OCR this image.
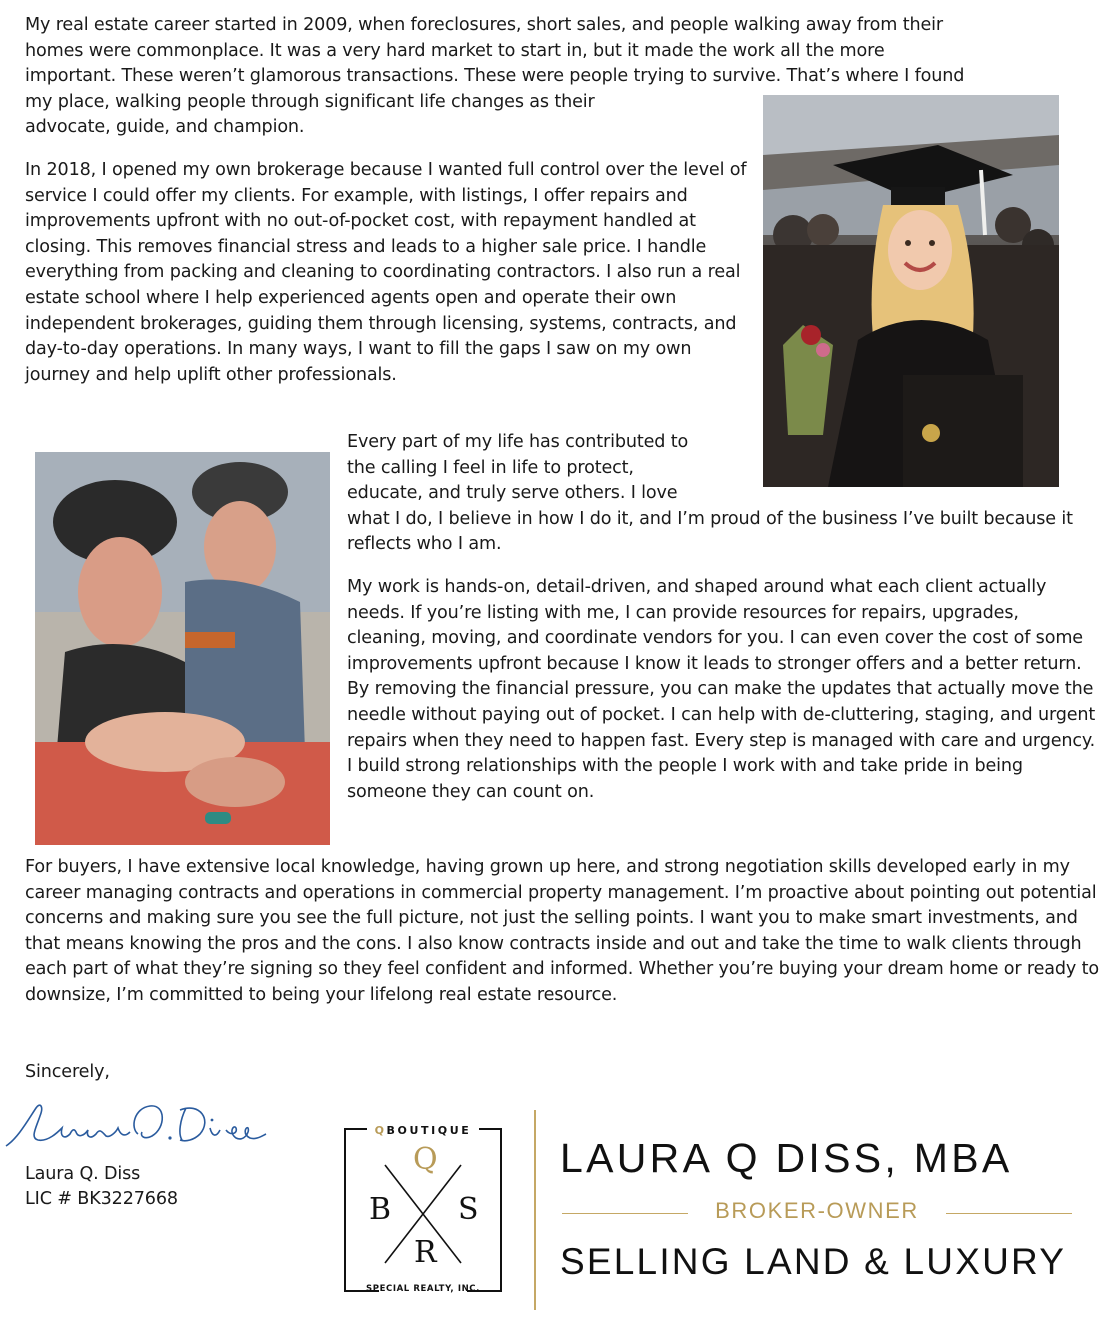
My real estate career started in 2009, when foreclosures, short sales, and people walking away from their
homes were commonplace. It was a very hard market to start in, but it made the work all the more
important. These weren’t glamorous transactions. These were people trying to survive. That’s where I found
my place, walking people through significant life changes as their
advocate, guide, and champion.

In 2018, I opened my own brokerage because I wanted full control over the level of service I could offer my clients. For example, with listings, I offer repairs and improvements upfront with no out-of-pocket cost, with repayment handled at closing. This removes financial stress and leads to a higher sale price. I handle everything from packing and cleaning to coordinating contractors. I also run a real estate school where I help experienced agents open and operate their own independent brokerages, guiding them through licensing, systems, contracts, and day-to-day operations. In many ways, I want to fill the gaps I saw on my own journey and help uplift other professionals.

Every part of my life has contributed to
the calling I feel in life to protect,
educate, and truly serve others. I love
what I do, I believe in how I do it, and I’m proud of the business I’ve built because it reflects who I am.

My work is hands-on, detail-driven, and shaped around what each client actually needs. If you’re listing with me, I can provide resources for repairs, upgrades, cleaning, moving, and coordinate vendors for you. I can even cover the cost of some improvements upfront because I know it leads to stronger offers and a better return. By removing the financial pressure, you can make the updates that actually move the needle without paying out of pocket. I can help with de-cluttering, staging, and urgent repairs when they need to happen fast. Every step is managed with care and urgency. I build strong relationships with the people I work with and take pride in being someone they can count on.

For buyers, I have extensive local knowledge, having grown up here, and strong negotiation skills developed early in my career managing contracts and operations in commercial property management. I’m proactive about pointing out potential concerns and making sure you see the full picture, not just the selling points. I want you to make smart investments, and that means knowing the pros and the cons. I also know contracts inside and out and take the time to walk clients through each part of what they’re signing so they feel confident and informed. Whether you’re buying your dream home or ready to downsize, I’m committed to being your lifelong real estate resource.

Sincerely,

Laura Q. Diss

LIC # BK3227668

QBOUTIQUE
Q
B S
R
SPECIAL REALTY, INC.
LAURA Q DISS, MBA
BROKER-OWNER
SELLING LAND & LUXURY
